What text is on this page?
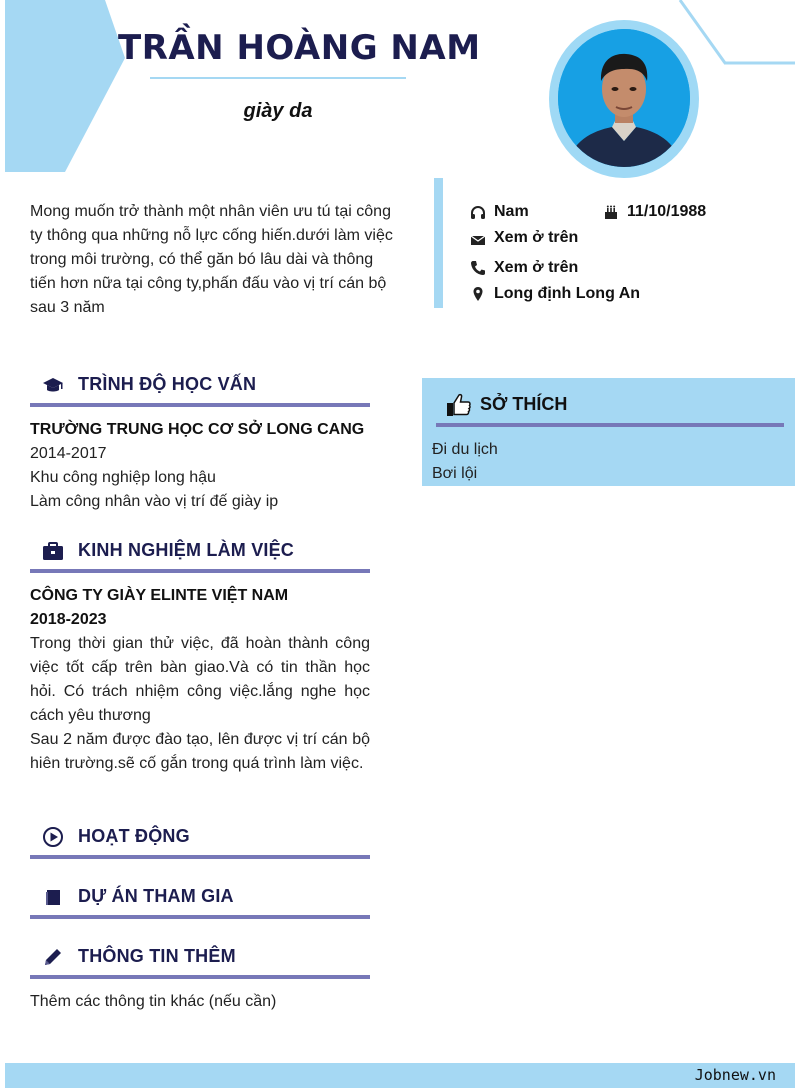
TRẦN HOÀNG NAM
giày da
Mong muốn trở thành một nhân viên ưu tú tại công ty thông qua những nỗ lực cống hiến.dưới làm việc trong môi trường, có thể găn bó lâu dài và thông tiến hơn nữa tại công ty,phấn đấu vào vị trí cán bộ sau 3 năm
Nam	11/10/1988
Xem ở trên
Xem ở trên
Long định Long An
TRÌNH ĐỘ HỌC VẤN
TRƯỜNG TRUNG HỌC CƠ SỞ LONG CANG
2014-2017
Khu công nghiệp long hậu
Làm công nhân vào vị trí đế giày ip
KINH NGHIỆM LÀM VIỆC
CÔNG TY GIÀY ELINTE VIỆT NAM
2018-2023
Trong thời gian thử việc, đã hoàn thành công việc tốt cấp trên bàn giao.Và có tin thần học hỏi. Có trách nhiệm công việc.lắng nghe học cách yêu thương
Sau 2 năm được đào tạo, lên được vị trí cán bộ hiên trường.sẽ cố gắn trong quá trình làm việc.
HOẠT ĐỘNG
DỰ ÁN THAM GIA
THÔNG TIN THÊM
Thêm các thông tin khác (nếu cần)
SỞ THÍCH
Đi du lịch
Bơi lội
Jobnew.vn
